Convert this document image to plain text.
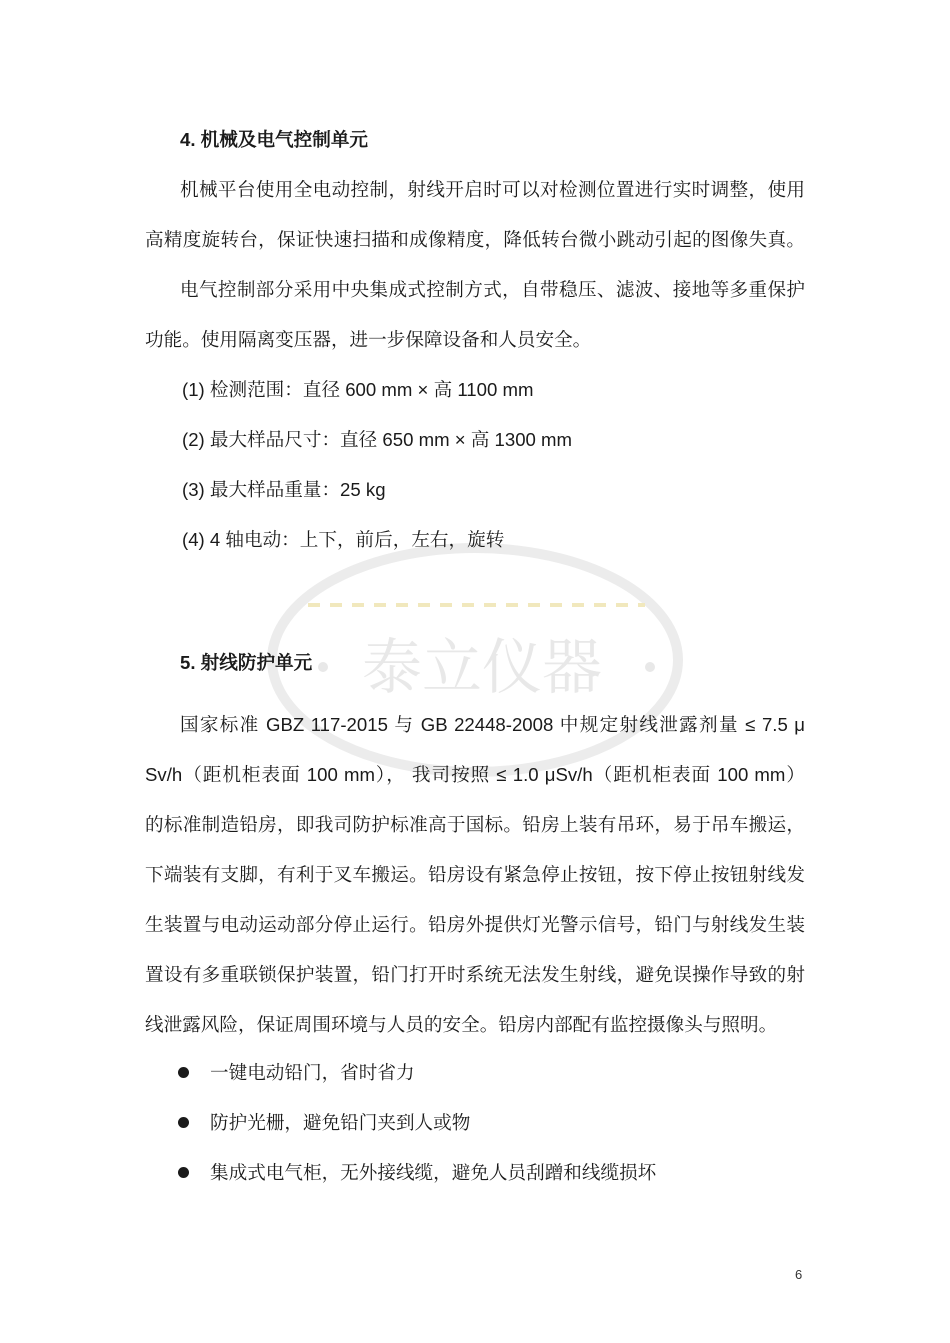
泰立仪器
4. 机械及电气控制单元
机械平台使用全电动控制，射线开启时可以对检测位置进行实时调整，使用
高精度旋转台，保证快速扫描和成像精度，降低转台微小跳动引起的图像失真。
电气控制部分采用中央集成式控制方式，自带稳压、滤波、接地等多重保护
功能。使用隔离变压器，进一步保障设备和人员安全。
(1) 检测范围：直径 600 mm × 高 1100 mm
(2) 最大样品尺寸：直径 650 mm × 高 1300 mm
(3) 最大样品重量：25 kg
(4) 4 轴电动：上下，前后，左右，旋转
5. 射线防护单元
国家标准 GBZ 117-2015 与 GB 22448-2008 中规定射线泄露剂量 ≤ 7.5 μ
Sv/h（距机柜表面 100 mm）， 我司按照 ≤ 1.0 μSv/h（距机柜表面 100 mm）
的标准制造铅房，即我司防护标准高于国标。铅房上装有吊环，易于吊车搬运，
下端装有支脚，有利于叉车搬运。铅房设有紧急停止按钮，按下停止按钮射线发
生装置与电动运动部分停止运行。铅房外提供灯光警示信号，铅门与射线发生装
置设有多重联锁保护装置，铅门打开时系统无法发生射线，避免误操作导致的射
线泄露风险，保证周围环境与人员的安全。铅房内部配有监控摄像头与照明。
一键电动铅门，省时省力
防护光栅，避免铅门夹到人或物
集成式电气柜，无外接线缆，避免人员刮蹭和线缆损坏
6
